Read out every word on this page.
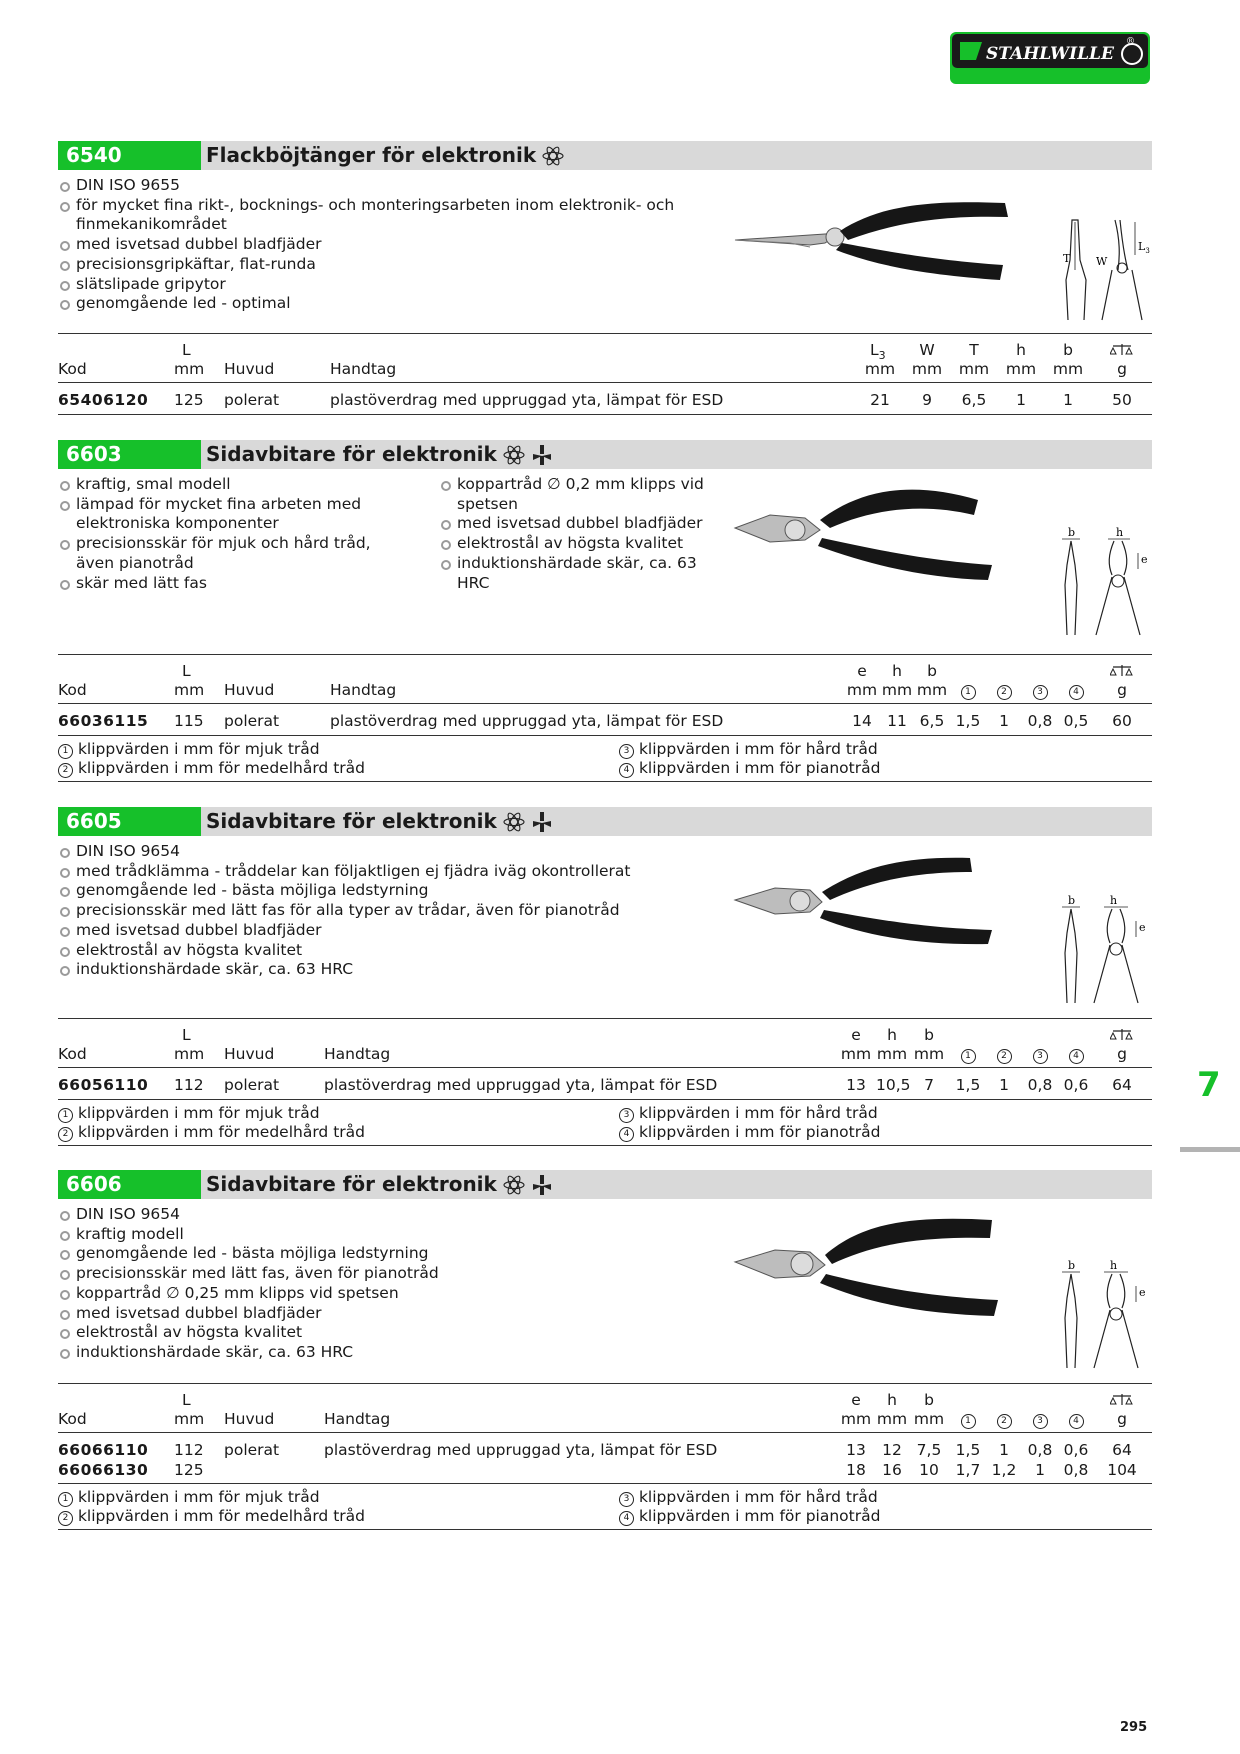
STAHLWILLE
®
6540	Flackböjtänger för elektronik
DIN ISO 9655
för mycket fina rikt-, bocknings- och monteringsarbeten inom elektronik- och finmekanikområdet
med isvetsad dubbel bladfjäder
precisionsgripkäftar, flat-runda
slätslipade gripytor
genomgående led - optimal
T W
$L_3$
L
Kod	mm Huvud	Handtag
$L_3$	W	T	h	b
mm mm mm mm mm	g
65406120 125 polerat	plastöverdrag med uppruggad yta, lämpat för ESD	21	9	6,5	1	1	50
6603	Sidavbitare för elektronik
kraftig, smal modell
lämpad för mycket fina arbeten med elektroniska komponenter
precisionsskär för mjuk och hård tråd, även pianotråd
skär med lätt fas
koppartråd ∅ 0,2 mm klipps vid spetsen
med isvetsad dubbel bladfjäder
elektrostål av högsta kvalitet
induktionshärdade skär, ca. 63 HRC
b	h
e
L
Kod	mm Huvud	Handtag
e	h	b
mm mm mm	1	2	3	4	g
66036115 115 polerat	plastöverdrag med uppruggad yta, lämpat för ESD	14 11 6,5 1,5	1	0,8 0,5	60
1 klippvärden i mm för mjuk tråd
2 klippvärden i mm för medelhård tråd
3 klippvärden i mm för hård tråd
4 klippvärden i mm för pianotråd
6605	Sidavbitare för elektronik
DIN ISO 9654
med trådklämma - tråddelar kan följaktligen ej fjädra iväg okontrollerat
genomgående led - bästa möjliga ledstyrning
precisionsskär med lätt fas för alla typer av trådar, även för pianotråd
med isvetsad dubbel bladfjäder
elektrostål av högsta kvalitet
induktionshärdade skär, ca. 63 HRC
b	h
e
L
Kod	mm Huvud	Handtag
e	h	b
mm mm mm	1	2	3	4	g
66056110 112 polerat	plastöverdrag med uppruggad yta, lämpat för ESD	13 10,5 7	1,5	1	0,8 0,6	64
1 klippvärden i mm för mjuk tråd
2 klippvärden i mm för medelhård tråd
3 klippvärden i mm för hård tråd
4 klippvärden i mm för pianotråd
6606	Sidavbitare för elektronik
DIN ISO 9654
kraftig modell
genomgående led - bästa möjliga ledstyrning
precisionsskär med lätt fas, även för pianotråd
koppartråd ∅ 0,25 mm klipps vid spetsen
med isvetsad dubbel bladfjäder
elektrostål av högsta kvalitet
induktionshärdade skär, ca. 63 HRC
b	h
e
L
Kod	mm Huvud	Handtag
e	h	b
mm mm mm	1	2	3	4	g
66066110 112 polerat	plastöverdrag med uppruggad yta, lämpat för ESD	13	12 7,5 1,5	1	0,8 0,6	64
66066130 125	18	16	10	1,7 1,2	1	0,8	104
1 klippvärden i mm för mjuk tråd
2 klippvärden i mm för medelhård tråd
3 klippvärden i mm för hård tråd
4 klippvärden i mm för pianotråd
7
295
